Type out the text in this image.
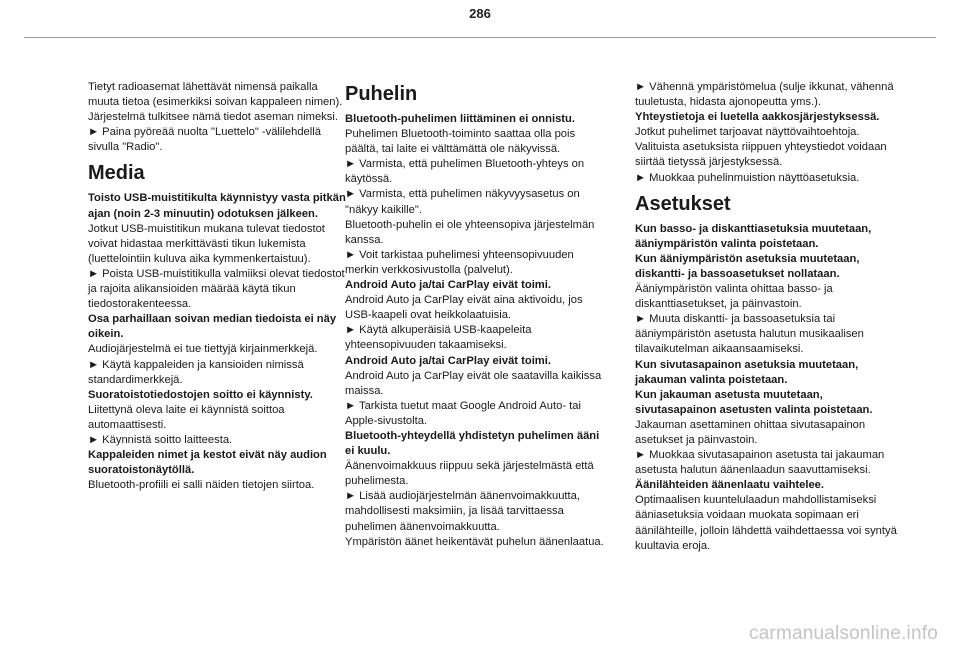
286

Tietyt radioasemat lähettävät nimensä paikalla muuta tietoa (esimerkiksi soivan kappaleen nimen).
Järjestelmä tulkitsee nämä tiedot aseman nimeksi.
► Paina pyöreää nuolta "Luettelo" -välilehdellä sivulla "Radio".

Media

Toisto USB-muistitikulta käynnistyy vasta pitkän ajan (noin 2-3 minuutin) odotuksen jälkeen.

Jotkut USB-muistitikun mukana tulevat tiedostot voivat hidastaa merkittävästi tikun lukemista (luettelointiin kuluva aika kymmenkertaistuu).
► Poista USB-muistitikulla valmiiksi olevat tiedostot ja rajoita alikansioiden määrää käytä tikun tiedostorakenteessa.

Osa parhaillaan soivan median tiedoista ei näy oikein.

Audiojärjestelmä ei tue tiettyjä kirjainmerkkejä.
► Käytä kappaleiden ja kansioiden nimissä standardimerkkejä.

Suoratoistotiedostojen soitto ei käynnisty.

Liitettynä oleva laite ei käynnistä soittoa automaattisesti.
► Käynnistä soitto laitteesta.

Kappaleiden nimet ja kestot eivät näy audion suoratoistonäytöllä.

Bluetooth-profiili ei salli näiden tietojen siirtoa.

Puhelin

Bluetooth-puhelimen liittäminen ei onnistu.

Puhelimen Bluetooth-toiminto saattaa olla pois päältä, tai laite ei välttämättä ole näkyvissä.
► Varmista, että puhelimen Bluetooth-yhteys on käytössä.
► Varmista, että puhelimen näkyvyysasetus on "näkyy kaikille".
Bluetooth-puhelin ei ole yhteensopiva järjestelmän kanssa.
► Voit tarkistaa puhelimesi yhteensopivuuden merkin verkkosivustolla (palvelut).

Android Auto ja/tai CarPlay eivät toimi.

Android Auto ja CarPlay eivät aina aktivoidu, jos USB-kaapeli ovat heikkolaatuisia.
► Käytä alkuperäisiä USB-kaapeleita yhteensopivuuden takaamiseksi.

Android Auto ja/tai CarPlay eivät toimi.

Android Auto ja CarPlay eivät ole saatavilla kaikissa maissa.
► Tarkista tuetut maat Google Android Auto- tai Apple-sivustolta.

Bluetooth-yhteydellä yhdistetyn puhelimen ääni ei kuulu.

Äänenvoimakkuus riippuu sekä järjestelmästä että puhelimesta.
► Lisää audiojärjestelmän äänenvoimakkuutta, mahdollisesti maksimiin, ja lisää tarvittaessa puhelimen äänenvoimakkuutta.
Ympäristön äänet heikentävät puhelun äänenlaatua.

► Vähennä ympäristömelua (sulje ikkunat, vähennä tuuletusta, hidasta ajonopeutta yms.).

Yhteystietoja ei lueteIla aakkosjärjestyksessä.

Jotkut puhelimet tarjoavat näyttövaihtoehtoja. Valituista asetuksista riippuen yhteystiedot voidaan siirtää tietyssä järjestyksessä.
► Muokkaa puhelinmuistion näyttöasetuksia.

Asetukset

Kun basso- ja diskanttiasetuksia muutetaan, ääniympäristön valinta poistetaan.
Kun ääniympäristön asetuksia muutetaan, diskantti- ja bassoasetukset nollataan.

Ääniympäristön valinta ohittaa basso- ja diskanttiasetukset, ja päinvastoin.
► Muuta diskantti- ja bassoasetuksia tai ääniympäristön asetusta halutun musikaalisen tilavaikutelman aikaansaamiseksi.

Kun sivutasapainon asetuksia muutetaan, jakauman valinta poistetaan.
Kun jakauman asetusta muutetaan, sivutasapainon asetusten valinta poistetaan.

Jakauman asettaminen ohittaa sivutasapainon asetukset ja päinvastoin.
► Muokkaa sivutasapainon asetusta tai jakauman asetusta halutun äänenlaadun saavuttamiseksi.

Äänilähteiden äänenlaatu vaihtelee.

Optimaalisen kuuntelulaadun mahdollistamiseksi ääniasetuksia voidaan muokata sopimaan eri äänilähteille, jolloin lähdettä vaihdettaessa voi syntyä kuultavia eroja.

carmanualsonline.info
